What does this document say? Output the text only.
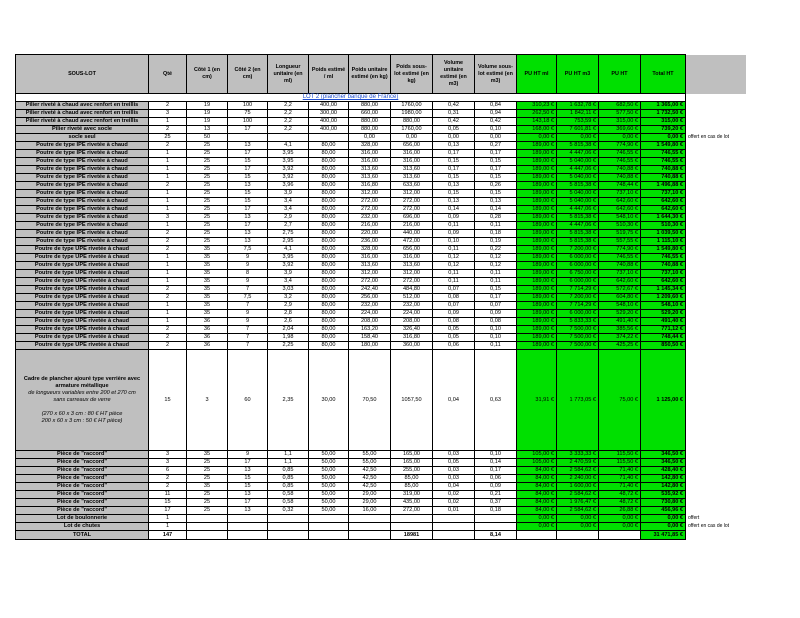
SOUS-LOT	Qté	Côté 1 (en cm)	Côté 2 (en cm)	Longueur unitaire (en ml)	Poids estimé / ml	Poids unitaire estimé (en kg)	Poids sous-lot estimé (en kg)	Volume unitaire estimé (en m3)	Volume sous-lot estimé (en m3)	PU HT ml	PU HT m3	PU HT	Total HT	
LOT 2 (plancher banque de France)														
Pilier riveté à chaud avec renfort en treillis	2	19	100	2,2	400,00	880,00	1760,00	0,42	0,84	310,23 €	1 632,78 €	682,50 €	1 365,00 €	
Pilier riveté à chaud avec renfort en treillis	3	19	75	2,2	300,00	660,00	1980,00	0,31	0,94	262,50 €	1 842,11 €	577,50 €	1 732,50 €	
Pilier riveté à chaud avec renfort en treillis	1	19	100	2,2	400,00	880,00	880,00	0,42	0,42	143,18 €	753,59 €	315,00 €	315,00 €	
Pilier riveté avec socle	2	13	17	2,2	400,00	880,00	1760,00	0,05	0,10	168,00 €	7 601,81 €	369,60 €	739,20 €	
socle seul	25	50				0,00	0,00	0,00	0,00	0,00 €	0,00 €	0,00 €	0,00 €	offert en cas de lot
Poutre de type IPE rivetée à chaud	2	25	13	4,1	80,00	328,00	656,00	0,13	0,27	189,00 €	5 815,38 €	774,90 €	1 549,80 €	
Poutre de type IPE rivetée à chaud	1	25	17	3,95	80,00	316,00	316,00	0,17	0,17	189,00 €	4 447,06 €	746,55 €	746,55 €	
Poutre de type IPE rivetée à chaud	1	25	15	3,95	80,00	316,00	316,00	0,15	0,15	189,00 €	5 040,00 €	746,55 €	746,55 €	
Poutre de type IPE rivetée à chaud	1	25	17	3,92	80,00	313,60	313,60	0,17	0,17	189,00 €	4 447,06 €	740,88 €	740,88 €	
Poutre de type IPE rivetée à chaud	1	25	15	3,92	80,00	313,60	313,60	0,15	0,15	189,00 €	5 040,00 €	740,88 €	740,88 €	
Poutre de type IPE rivetée à chaud	2	25	13	3,96	80,00	316,80	633,60	0,13	0,26	189,00 €	5 815,38 €	748,44 €	1 496,88 €	
Poutre de type IPE rivetée à chaud	1	25	15	3,9	80,00	312,00	312,00	0,15	0,15	189,00 €	5 040,00 €	737,10 €	737,10 €	
Poutre de type IPE rivetée à chaud	1	25	15	3,4	80,00	272,00	272,00	0,13	0,13	189,00 €	5 040,00 €	642,60 €	642,60 €	
Poutre de type IPE rivetée à chaud	1	25	17	3,4	80,00	272,00	272,00	0,14	0,14	189,00 €	4 447,06 €	642,60 €	642,60 €	
Poutre de type IPE rivetée à chaud	3	25	13	2,9	80,00	232,00	696,00	0,09	0,28	189,00 €	5 815,38 €	548,10 €	1 644,30 €	
Poutre de type IPE rivetée à chaud	1	25	17	2,7	80,00	216,00	216,00	0,11	0,11	189,00 €	4 447,06 €	510,30 €	510,30 €	
Poutre de type IPE rivetée à chaud	2	25	13	2,75	80,00	220,00	440,00	0,09	0,18	189,00 €	5 815,38 €	519,75 €	1 039,50 €	
Poutre de type IPE rivetée à chaud	2	25	13	2,95	80,00	236,00	472,00	0,10	0,19	189,00 €	5 815,38 €	557,55 €	1 115,10 €	
Poutre de type UPE rivetée à chaud	2	35	7,5	4,1	80,00	328,00	656,00	0,11	0,22	189,00 €	7 200,00 €	774,90 €	1 549,80 €	
Poutre de type UPE rivetée à chaud	1	35	9	3,95	80,00	316,00	316,00	0,12	0,12	189,00 €	6 000,00 €	746,55 €	746,55 €	
Poutre de type UPE rivetée à chaud	1	35	9	3,92	80,00	313,60	313,60	0,12	0,12	189,00 €	6 000,00 €	740,88 €	740,88 €	
Poutre de type UPE rivetée à chaud	1	35	8	3,9	80,00	312,00	312,00	0,11	0,11	189,00 €	6 750,00 €	737,10 €	737,10 €	
Poutre de type UPE rivetée à chaud	1	35	9	3,4	80,00	272,00	272,00	0,11	0,11	189,00 €	6 000,00 €	642,60 €	642,60 €	
Poutre de type UPE rivetée à chaud	2	35	7	3,03	80,00	242,40	484,80	0,07	0,15	189,00 €	7 714,29 €	572,67 €	1 145,34 €	
Poutre de type UPE rivetée à chaud	2	35	7,5	3,2	80,00	256,00	512,00	0,08	0,17	189,00 €	7 200,00 €	604,80 €	1 209,60 €	
Poutre de type UPE rivetée à chaud	1	35	7	2,9	80,00	232,00	232,00	0,07	0,07	189,00 €	7 714,29 €	548,10 €	548,10 €	
Poutre de type UPE rivetée à chaud	1	35	9	2,8	80,00	224,00	224,00	0,09	0,09	189,00 €	6 000,00 €	529,20 €	529,20 €	
Poutre de type UPE rivetée à chaud	1	36	9	2,6	80,00	208,00	208,00	0,08	0,08	189,00 €	5 833,33 €	491,40 €	491,40 €	
Poutre de type UPE rivetée à chaud	2	36	7	2,04	80,00	163,20	326,40	0,05	0,10	189,00 €	7 500,00 €	385,56 €	771,12 €	
Poutre de type UPE rivetée à chaud	2	36	7	1,98	80,00	158,40	316,80	0,05	0,10	189,00 €	7 500,00 €	374,22 €	748,44 €	
Poutre de type UPE rivetée à chaud	2	36	7	2,25	80,00	180,00	360,00	0,06	0,11	189,00 €	7 500,00 €	425,25 €	850,50 €	

Cadre de plancher ajouré type verrière avec armature métallique
de longueurs variables entre 200 et 270 cm
sans carreaux de verre
(270 x 60 x 3 cm : 80 € HT pièce
200 x 60 x 3 cm : 50 € HT pièce)	15	3	60	2,35	30,00	70,50	1057,50	0,04	0,63	31,91 €	1 773,05 €	75,00 €	1 125,00 €	
Pièce de "raccord"	3	35	9	1,1	50,00	55,00	165,00	0,03	0,10	105,00 €	3 333,33 €	115,50 €	346,50 €	
Pièce de "raccord"	3	25	17	1,1	50,00	55,00	165,00	0,05	0,14	105,00 €	2 470,59 €	115,50 €	346,50 €	
Pièce de "raccord"	6	25	13	0,85	50,00	42,50	255,00	0,03	0,17	84,00 €	2 584,62 €	71,40 €	428,40 €	
Pièce de "raccord"	2	25	15	0,85	50,00	42,50	85,00	0,03	0,06	84,00 €	2 240,00 €	71,40 €	142,80 €	
Pièce de "raccord"	2	35	15	0,85	50,00	42,50	85,00	0,04	0,09	84,00 €	1 600,00 €	71,40 €	142,80 €	
Pièce de "raccord"	11	25	13	0,58	50,00	29,00	319,00	0,02	0,21	84,00 €	2 584,62 €	48,72 €	535,92 €	
Pièce de "raccord"	15	25	17	0,58	50,00	29,00	435,00	0,02	0,37	84,00 €	1 976,47 €	48,72 €	730,80 €	
Pièce de "raccord"	17	25	13	0,32	50,00	16,00	272,00	0,01	0,18	84,00 €	2 584,62 €	26,88 €	456,96 €	
Lot de boulonnerie	1									0,00 €	0,00 €	0,00 €	0,00 €	offert
Lot de chutes	1									0,00 €	0,00 €	0,00 €	0,00 €	offert en cas de lot
TOTAL	147						18981		8,14				31 471,85 €	
